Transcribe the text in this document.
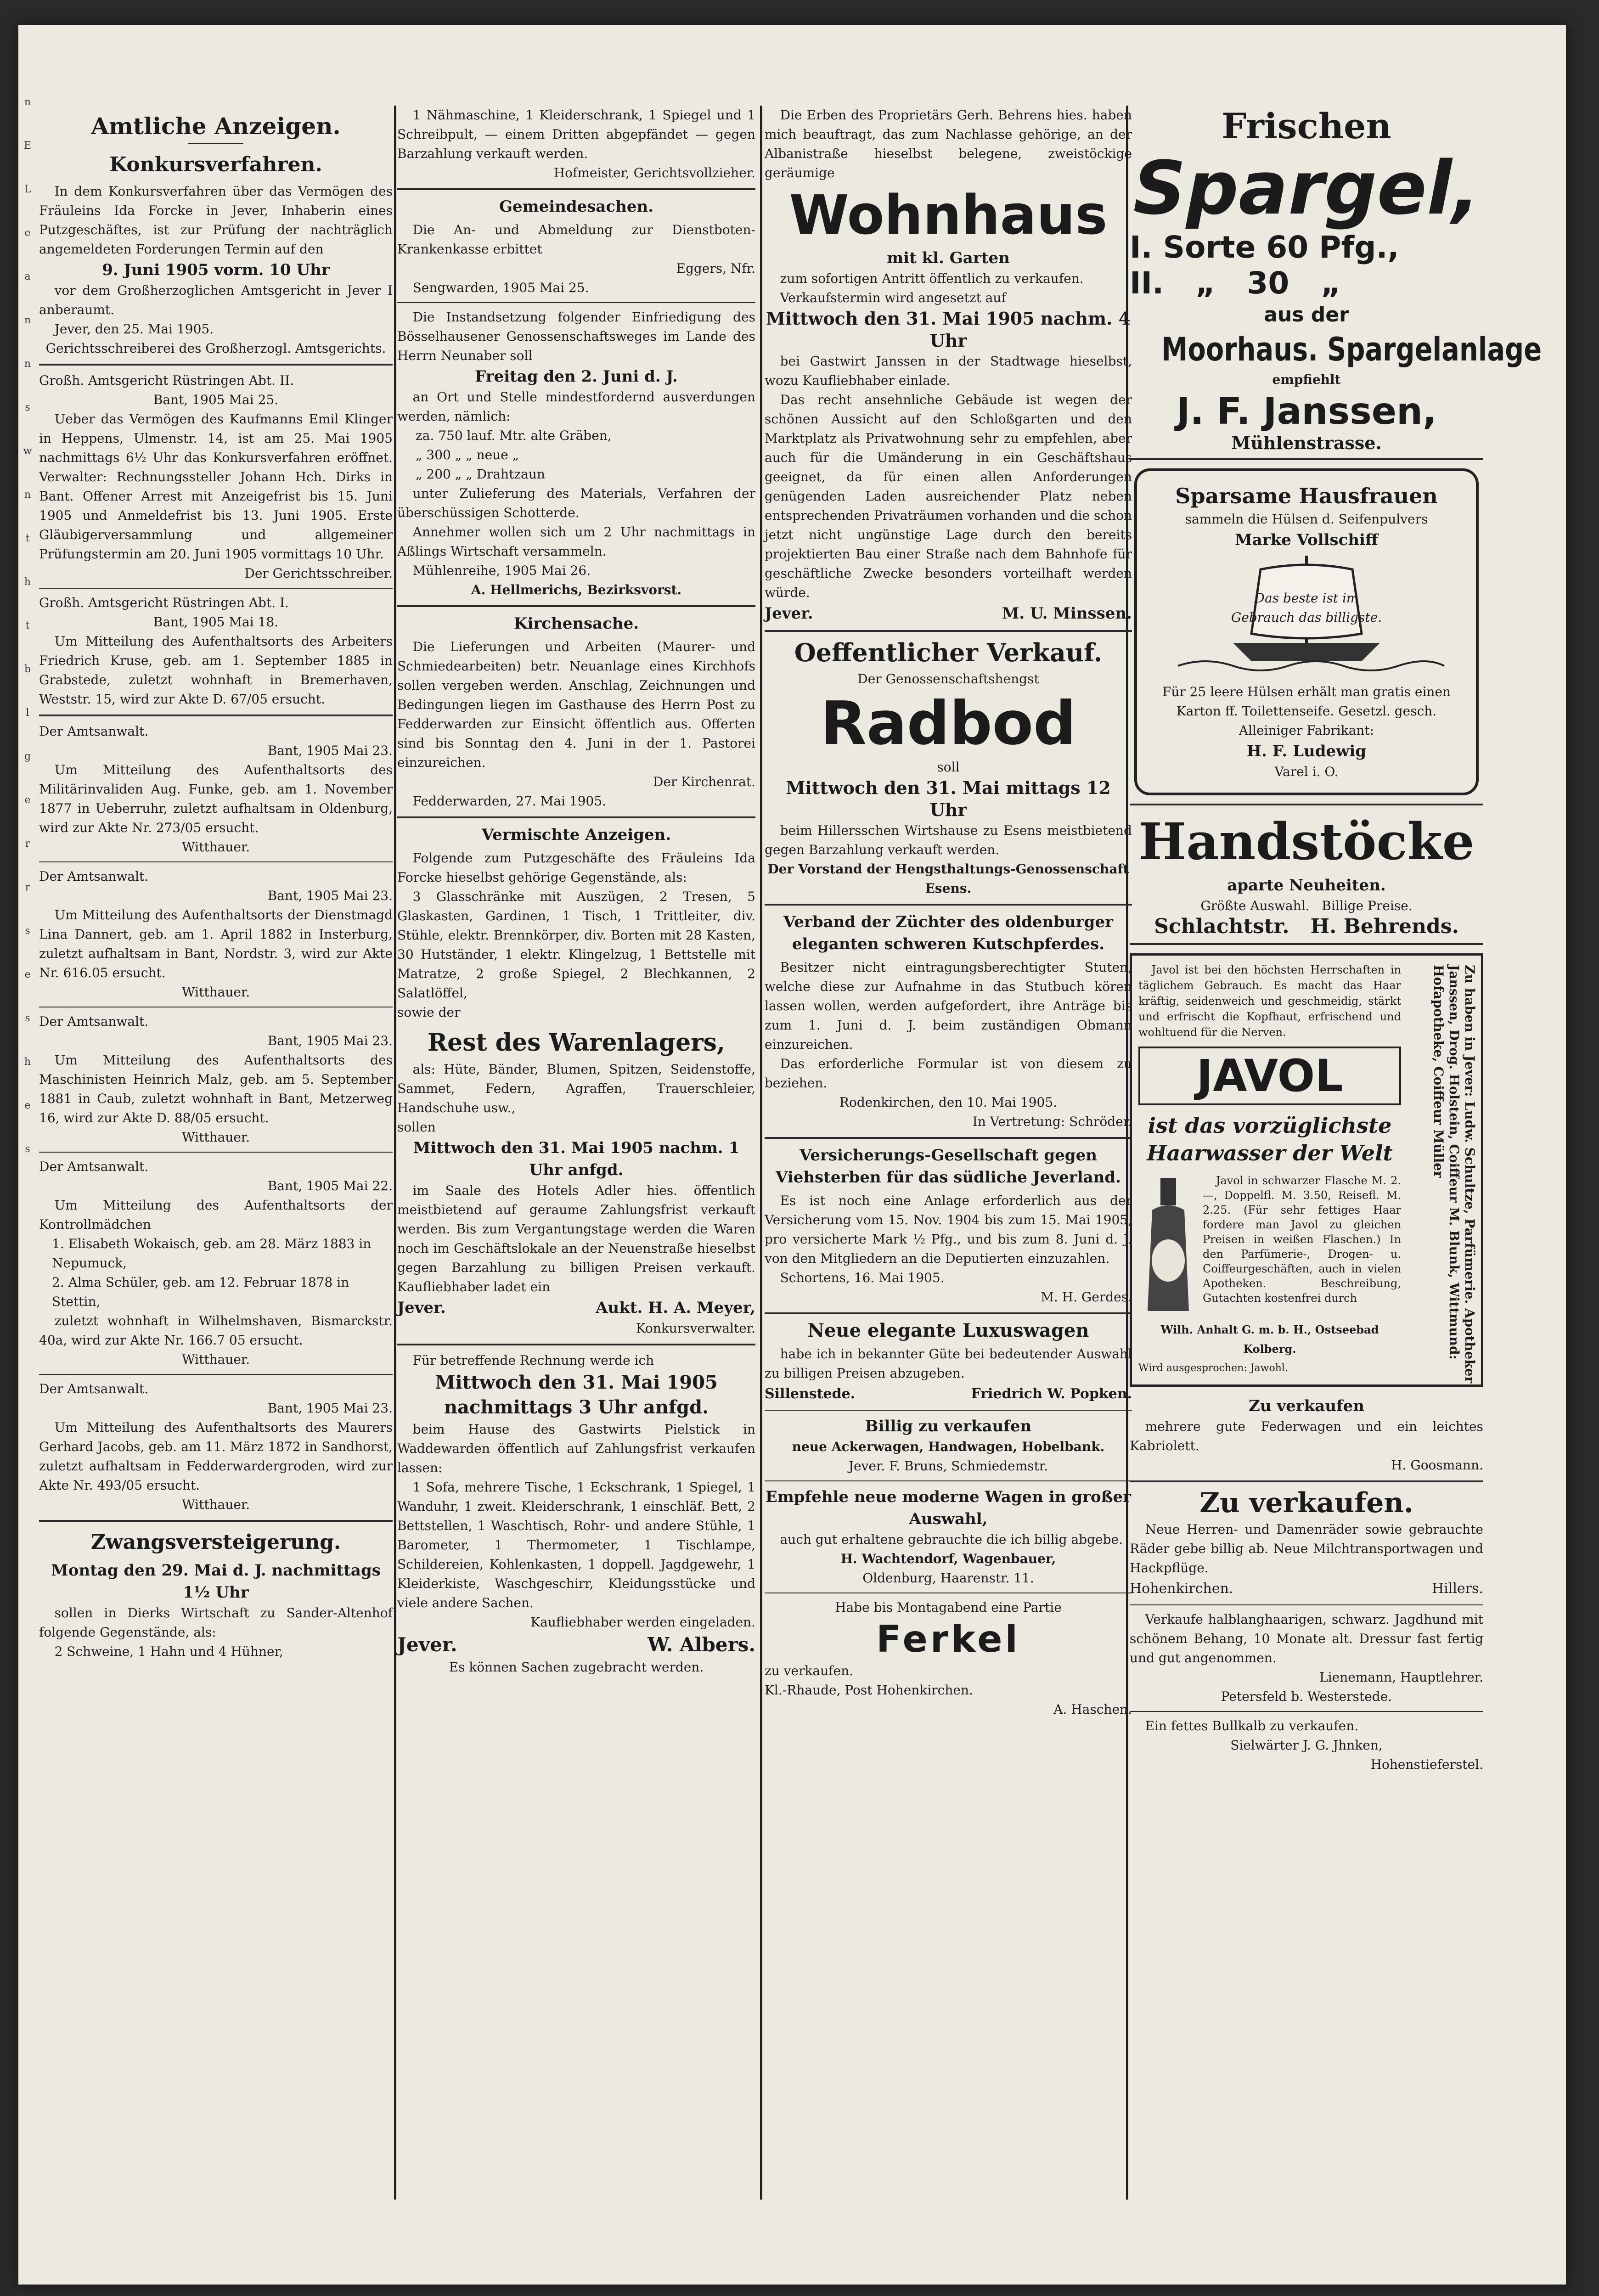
n
E
L
e
a
n
n
s
w
n
t
h
t
b
l
g
e
r
r
s
e
s
h
e
s
Amtliche Anzeigen.
Konkursverfahren.

In dem Konkursverfahren über das Vermögen des Fräuleins Ida Forcke in Jever, Inhaberin eines Putzgeschäftes, ist zur Prüfung der nachträglich angemeldeten Forderungen Termin auf den

9. Juni 1905 vorm. 10 Uhr

vor dem Großherzoglichen Amtsgericht in Jever I anberaumt.

Jever, den 25. Mai 1905.

Gerichtsschreiberei des Großherzogl. Amtsgerichts.
Großh. Amtsgericht Rüstringen Abt. II.
Bant, 1905 Mai 25.

Ueber das Vermögen des Kaufmanns Emil Klinger in Heppens, Ulmenstr. 14, ist am 25. Mai 1905 nachmittags 6½ Uhr das Konkursverfahren eröffnet. Verwalter: Rechnungssteller Johann Hch. Dirks in Bant. Offener Arrest mit Anzeigefrist bis 15. Juni 1905 und Anmeldefrist bis 13. Juni 1905. Erste Gläubigerversammlung und allgemeiner Prüfungstermin am 20. Juni 1905 vormittags 10 Uhr.

Der Gerichtsschreiber.
Großh. Amtsgericht Rüstringen Abt. I.
Bant, 1905 Mai 18.

Um Mitteilung des Aufenthaltsorts des Arbeiters Friedrich Kruse, geb. am 1. September 1885 in Grabstede, zuletzt wohnhaft in Bremerhaven, Weststr. 15, wird zur Akte D. 67/05 ersucht.

Der Amtsanwalt.
Bant, 1905 Mai 23.

Um Mitteilung des Aufenthaltsorts des Militärinvaliden Aug. Funke, geb. am 1. November 1877 in Ueberruhr, zuletzt aufhaltsam in Oldenburg, wird zur Akte Nr. 273/05 ersucht.

Witthauer.
Der Amtsanwalt.
Bant, 1905 Mai 23.

Um Mitteilung des Aufenthaltsorts der Dienstmagd Lina Dannert, geb. am 1. April 1882 in Insterburg, zuletzt aufhaltsam in Bant, Nordstr. 3, wird zur Akte Nr. 616.05 ersucht.

Witthauer.
Der Amtsanwalt.
Bant, 1905 Mai 23.

Um Mitteilung des Aufenthaltsorts des Maschinisten Heinrich Malz, geb. am 5. September 1881 in Caub, zuletzt wohnhaft in Bant, Metzerweg 16, wird zur Akte D. 88/05 ersucht.

Witthauer.
Der Amtsanwalt.
Bant, 1905 Mai 22.

Um Mitteilung des Aufenthaltsorts der Kontrollmädchen

1. Elisabeth Wokaisch, geb. am 28. März 1883 in Nepumuck,
2. Alma Schüler, geb. am 12. Februar 1878 in Stettin,

zuletzt wohnhaft in Wilhelmshaven, Bismarckstr. 40a, wird zur Akte Nr. 166.7 05 ersucht.

Witthauer.
Der Amtsanwalt.
Bant, 1905 Mai 23.

Um Mitteilung des Aufenthaltsorts des Maurers Gerhard Jacobs, geb. am 11. März 1872 in Sandhorst, zuletzt aufhaltsam in Fedderwardergroden, wird zur Akte Nr. 493/05 ersucht.

Witthauer.
Zwangsversteigerung.
Montag den 29. Mai d. J. nachmittags 1½ Uhr

sollen in Dierks Wirtschaft zu Sander-Altenhof folgende Gegenstände, als:

2 Schweine, 1 Hahn und 4 Hühner,

1 Nähmaschine, 1 Kleiderschrank, 1 Spiegel und 1 Schreibpult, — einem Dritten abgepfändet — gegen Barzahlung verkauft werden.

Hofmeister, Gerichtsvollzieher.
Gemeindesachen.

Die An- und Abmeldung zur Dienstboten-Krankenkasse erbittet

Eggers, Nfr.

Sengwarden, 1905 Mai 25.

Die Instandsetzung folgender Einfriedigung des Bösselhausener Genossenschaftsweges im Lande des Herrn Neunaber soll

Freitag den 2. Juni d. J.

an Ort und Stelle mindestfordernd ausverdungen werden, nämlich:

za. 750 lauf. Mtr. alte Gräben,
„ 300 „ „ neue „
„ 200 „ „ Drahtzaun

unter Zulieferung des Materials, Verfahren der überschüssigen Schotterde.

Annehmer wollen sich um 2 Uhr nachmittags in Aßlings Wirtschaft versammeln.

Mühlenreihe, 1905 Mai 26.

A. Hellmerichs, Bezirksvorst.
Kirchensache.

Die Lieferungen und Arbeiten (Maurer- und Schmiedearbeiten) betr. Neuanlage eines Kirchhofs sollen vergeben werden. Anschlag, Zeichnungen und Bedingungen liegen im Gasthause des Herrn Post zu Fedderwarden zur Einsicht öffentlich aus. Offerten sind bis Sonntag den 4. Juni in der 1. Pastorei einzureichen.

Der Kirchenrat.

Fedderwarden, 27. Mai 1905.

Vermischte Anzeigen.

Folgende zum Putzgeschäfte des Fräuleins Ida Forcke hieselbst gehörige Gegenstände, als:

3 Glasschränke mit Auszügen, 2 Tresen, 5 Glaskasten, Gardinen, 1 Tisch, 1 Trittleiter, div. Stühle, elektr. Brennkörper, div. Borten mit 28 Kasten, 30 Hutständer, 1 elektr. Klingelzug, 1 Bettstelle mit Matratze, 2 große Spiegel, 2 Blechkannen, 2 Salatlöffel,

sowie der
Rest des Warenlagers,

als: Hüte, Bänder, Blumen, Spitzen, Seidenstoffe, Sammet, Federn, Agraffen, Trauerschleier, Handschuhe usw.,

sollen
Mittwoch den 31. Mai 1905 nachm. 1 Uhr anfgd.

im Saale des Hotels Adler hies. öffentlich meistbietend auf geraume Zahlungsfrist verkauft werden. Bis zum Vergantungstage werden die Waren noch im Geschäftslokale an der Neuenstraße hieselbst gegen Barzahlung zu billigen Preisen verkauft. Kaufliebhaber ladet ein

Jever.	Aukt. H. A. Meyer,
Konkursverwalter.

Für betreffende Rechnung werde ich

Mittwoch den 31. Mai 1905 nachmittags 3 Uhr anfgd.

beim Hause des Gastwirts Pielstick in Waddewarden öffentlich auf Zahlungsfrist verkaufen lassen:

1 Sofa, mehrere Tische, 1 Eckschrank, 1 Spiegel, 1 Wanduhr, 1 zweit. Kleiderschrank, 1 einschläf. Bett, 2 Bettstellen, 1 Waschtisch, Rohr- und andere Stühle, 1 Barometer, 1 Thermometer, 1 Tischlampe, Schildereien, Kohlenkasten, 1 doppell. Jagdgewehr, 1 Kleiderkiste, Waschgeschirr, Kleidungsstücke und viele andere Sachen.

Kaufliebhaber werden eingeladen.
Jever.	W. Albers.
Es können Sachen zugebracht werden.

Die Erben des Proprietärs Gerh. Behrens hies. haben mich beauftragt, das zum Nachlasse gehörige, an der Albanistraße hieselbst belegene, zweistöckige geräumige

Wohnhaus
mit kl. Garten

zum sofortigen Antritt öffentlich zu verkaufen.

Verkaufstermin wird angesetzt auf

Mittwoch den 31. Mai 1905 nachm. 4 Uhr

bei Gastwirt Janssen in der Stadtwage hieselbst, wozu Kaufliebhaber einlade.

Das recht ansehnliche Gebäude ist wegen der schönen Aussicht auf den Schloßgarten und den Marktplatz als Privatwohnung sehr zu empfehlen, aber auch für die Umänderung in ein Geschäftshaus geeignet, da für einen allen Anforderungen genügenden Laden ausreichender Platz neben entsprechenden Privaträumen vorhanden und die schon jetzt nicht ungünstige Lage durch den bereits projektierten Bau einer Straße nach dem Bahnhofe für geschäftliche Zwecke besonders vorteilhaft werden würde.

Jever.	M. U. Minssen.
Oeffentlicher Verkauf.
Der Genossenschaftshengst
Radbod
soll
Mittwoch den 31. Mai mittags 12 Uhr

beim Hillersschen Wirtshause zu Esens meistbietend gegen Barzahlung verkauft werden.

Der Vorstand der Hengsthaltungs-Genossenschaft Esens.
Verband der Züchter des oldenburger eleganten schweren Kutschpferdes.

Besitzer nicht eintragungsberechtigter Stuten, welche diese zur Aufnahme in das Stutbuch kören lassen wollen, werden aufgefordert, ihre Anträge bis zum 1. Juni d. J. beim zuständigen Obmann einzureichen.

Das erforderliche Formular ist von diesem zu beziehen.

Rodenkirchen, den 10. Mai 1905.
In Vertretung: Schröder.
Versicherungs-Gesellschaft gegen Viehsterben für das südliche Jeverland.

Es ist noch eine Anlage erforderlich aus der Versicherung vom 15. Nov. 1904 bis zum 15. Mai 1905, pro versicherte Mark ½ Pfg., und bis zum 8. Juni d. J. von den Mitgliedern an die Deputierten einzuzahlen.

Schortens, 16. Mai 1905.

M. H. Gerdes.
Neue elegante Luxuswagen

habe ich in bekannter Güte bei bedeutender Auswahl zu billigen Preisen abzugeben.

Sillenstede.	Friedrich W. Popken.
Billig zu verkaufen
neue Ackerwagen, Handwagen, Hobelbank.
Jever. F. Bruns, Schmiedemstr.
Empfehle neue moderne Wagen in großer Auswahl,

auch gut erhaltene gebrauchte die ich billig abgebe.

H. Wachtendorf, Wagenbauer,
Oldenburg, Haarenstr. 11.
Habe bis Montagabend eine Partie
Ferkel
zu verkaufen.
Kl.-Rhaude, Post Hohenkirchen.
A. Haschen.
Frischen
Spargel,
I. Sorte 60 Pfg.,
II.   „   30   „
aus der
Moorhaus. Spargelanlage
empfiehlt
J. F. Janssen,
Mühlenstrasse.
Sparsame Hausfrauen
sammeln die Hülsen d. Seifenpulvers
Marke Vollschiff
Das beste ist im Gebrauch das billigste.
Für 25 leere Hülsen erhält man gratis einen Karton ff. Toilettenseife. Gesetzl. gesch.
Alleiniger Fabrikant:
H. F. Ludewig
Varel i. O.
Handstöcke
aparte Neuheiten.
Größte Auswahl.   Billige Preise.
Schlachtstr.   H. Behrends.
Zu haben in Jever: Ludw. Schultze, Parfümerie. Apotheker Janssen, Drog. Holstein, Coiffeur M. Blunk, Wittmund: Hofapotheke, Coiffeur Müller

Javol ist bei den höchsten Herrschaften in täglichem Gebrauch. Es macht das Haar kräftig, seidenweich und geschmeidig, stärkt und erfrischt die Kopfhaut, erfrischend und wohltuend für die Nerven.

JAVOL
ist das vorzüglichste Haarwasser der Welt

Javol in schwarzer Flasche M. 2.—, Doppelfl. M. 3.50, Reisefl. M. 2.25. (Für sehr fettiges Haar fordere man Javol zu gleichen Preisen in weißen Flaschen.) In den Parfümerie-, Drogen- u. Coiffeurgeschäften, auch in vielen Apotheken. Beschreibung, Gutachten kostenfrei durch

Wilh. Anhalt G. m. b. H., Ostseebad Kolberg.
Wird ausgesprochen: Jawohl.
Zu verkaufen

mehrere gute Federwagen und ein leichtes Kabriolett.

H. Goosmann.
Zu verkaufen.

Neue Herren- und Damenräder sowie gebrauchte Räder gebe billig ab. Neue Milchtransportwagen und Hackpflüge.

Hohenkirchen.	Hillers.

Verkaufe halblanghaarigen, schwarz. Jagdhund mit schönem Behang, 10 Monate alt. Dressur fast fertig und gut angenommen.

Lienemann, Hauptlehrer.
Petersfeld b. Westerstede.

Ein fettes Bullkalb zu verkaufen.

Sielwärter J. G. Jhnken,
Hohenstieferstel.
